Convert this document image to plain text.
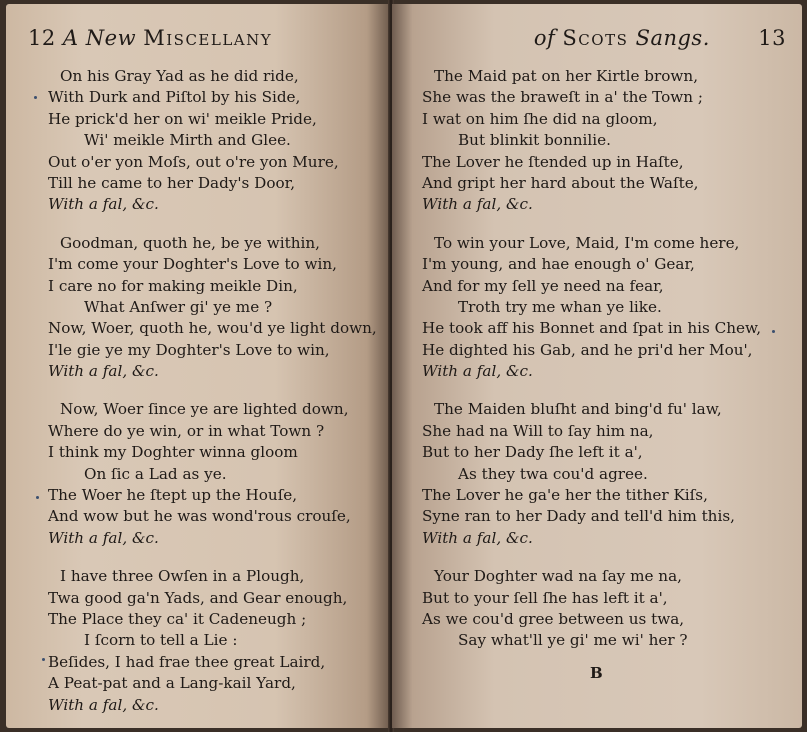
12 A New Miscellany
On his Gray Yad as he did ride,
With Durk and Piſtol by his Side,
He prick'd her on wi' meikle Pride,
Wi' meikle Mirth and Glee.
Out o'er yon Moſs, out o're yon Mure,
Till he came to her Dady's Door,
With a fal, &c.
Goodman, quoth he, be ye within,
I'm come your Doghter's Love to win,
I care no for making meikle Din,
What Anſwer gi' ye me ?
Now, Woer, quoth he, wou'd ye light down,
I'le gie ye my Doghter's Love to win,
With a fal, &c.
Now, Woer ſince ye are lighted down,
Where do ye win, or in what Town ?
I think my Doghter winna gloom
On ſic a Lad as ye.
The Woer he ſtept up the Houſe,
And wow but he was wond'rous crouſe,
With a fal, &c.
I have three Owſen in a Plough,
Twa good ga'n Yads, and Gear enough,
The Place they ca' it Cadeneugh ;
I ſcorn to tell a Lie :
Beſides, I had frae thee great Laird,
A Peat-pat and a Lang-kail Yard,
With a fal, &c.
of Scots Sangs. 13
The Maid pat on her Kirtle brown,
She was the braweſt in a' the Town ;
I wat on him ſhe did na gloom,
But blinkit bonnilie.
The Lover he ſtended up in Haſte,
And gript her hard about the Waſte,
With a fal, &c.
To win your Love, Maid, I'm come here,
I'm young, and hae enough o' Gear,
And for my ſell ye need na fear,
Troth try me whan ye like.
He took aff his Bonnet and ſpat in his Chew,
He dighted his Gab, and he pri'd her Mou',
With a fal, &c.
The Maiden bluſht and bing'd fu' law,
She had na Will to ſay him na,
But to her Dady ſhe left it a',
As they twa cou'd agree.
The Lover he ga'e her the tither Kiſs,
Syne ran to her Dady and tell'd him this,
With a fal, &c.
Your Doghter wad na ſay me na,
But to your ſell ſhe has left it a',
As we cou'd gree between us twa,
Say what'll ye gi' me wi' her ?
B
